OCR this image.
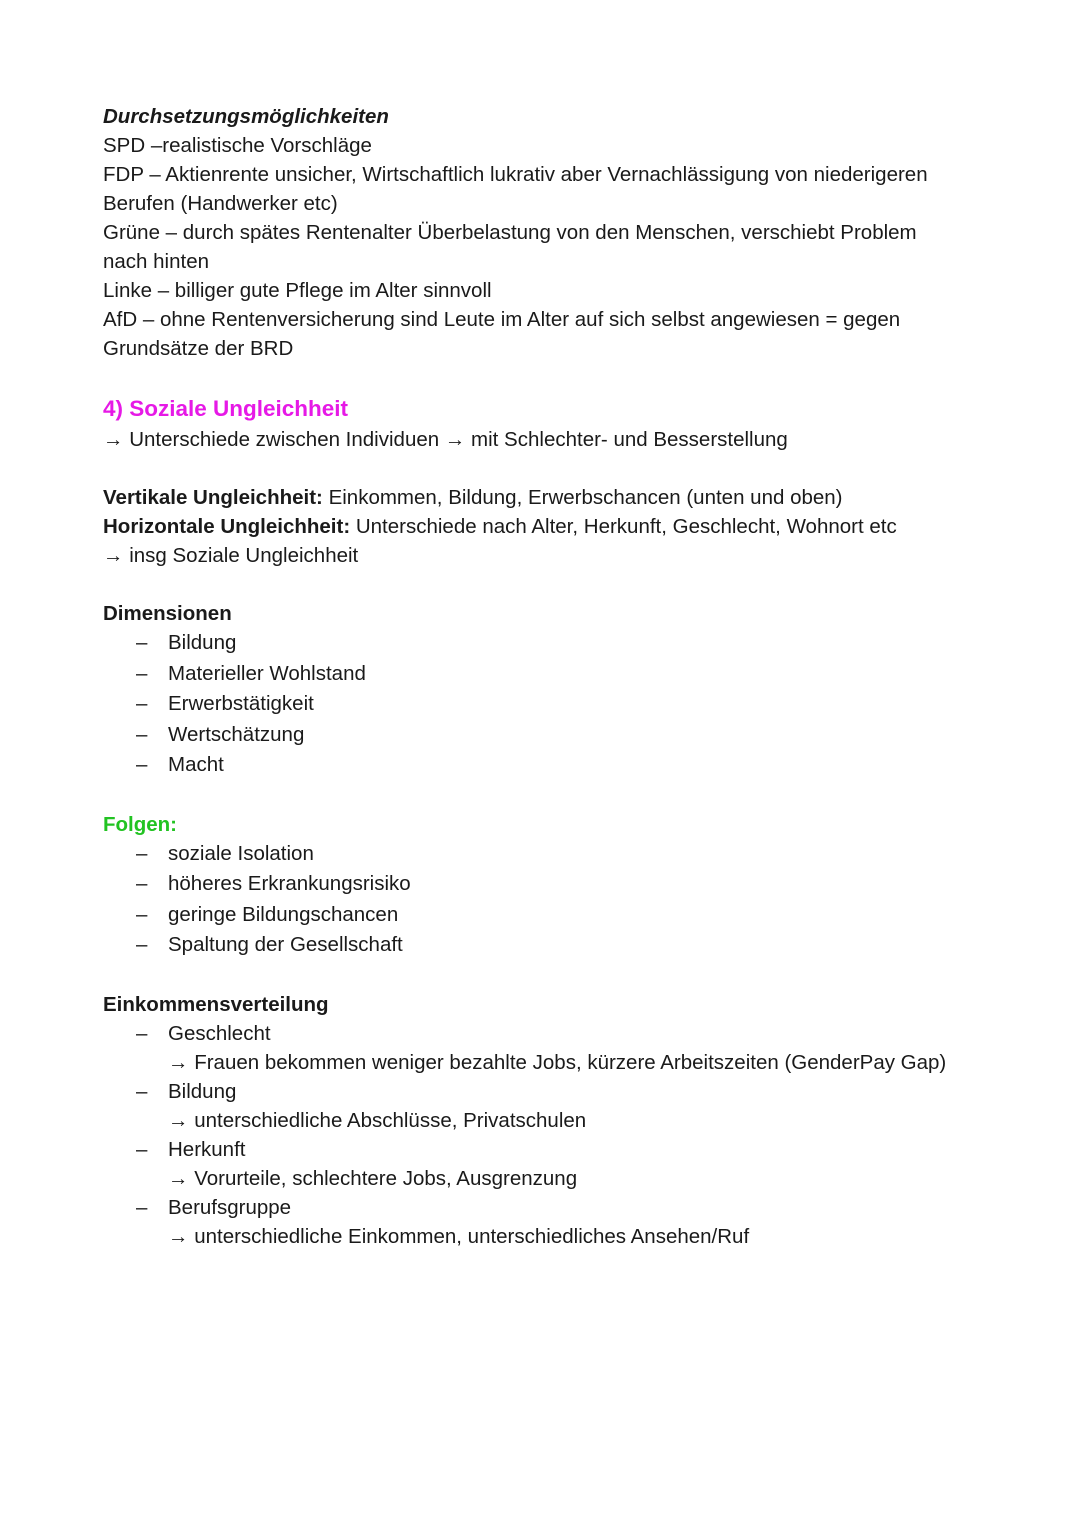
Durchsetzungsmöglichkeiten
SPD –realistische Vorschläge
FDP – Aktienrente unsicher, Wirtschaftlich lukrativ aber Vernachlässigung von niederigeren
Berufen (Handwerker etc)
Grüne – durch spätes Rentenalter Überbelastung von den Menschen, verschiebt Problem
nach hinten
Linke – billiger gute Pflege im Alter sinnvoll
AfD – ohne Rentenversicherung sind Leute im Alter auf sich selbst angewiesen = gegen
Grundsätze der BRD
4) Soziale Ungleichheit
→ Unterschiede zwischen Individuen → mit Schlechter- und Besserstellung
Vertikale Ungleichheit: Einkommen, Bildung, Erwerbschancen (unten und oben)
Horizontale Ungleichheit: Unterschiede nach Alter, Herkunft, Geschlecht, Wohnort etc
→ insg Soziale Ungleichheit
Dimensionen
– Bildung
– Materieller Wohlstand
– Erwerbstätigkeit
– Wertschätzung
– Macht
Folgen:
– soziale Isolation
– höheres Erkrankungsrisiko
– geringe Bildungschancen
– Spaltung der Gesellschaft
Einkommensverteilung
– Geschlecht
→ Frauen bekommen weniger bezahlte Jobs, kürzere Arbeitszeiten (GenderPay Gap)
– Bildung
→ unterschiedliche Abschlüsse, Privatschulen
– Herkunft
→ Vorurteile, schlechtere Jobs, Ausgrenzung
– Berufsgruppe
→ unterschiedliche Einkommen, unterschiedliches Ansehen/Ruf
